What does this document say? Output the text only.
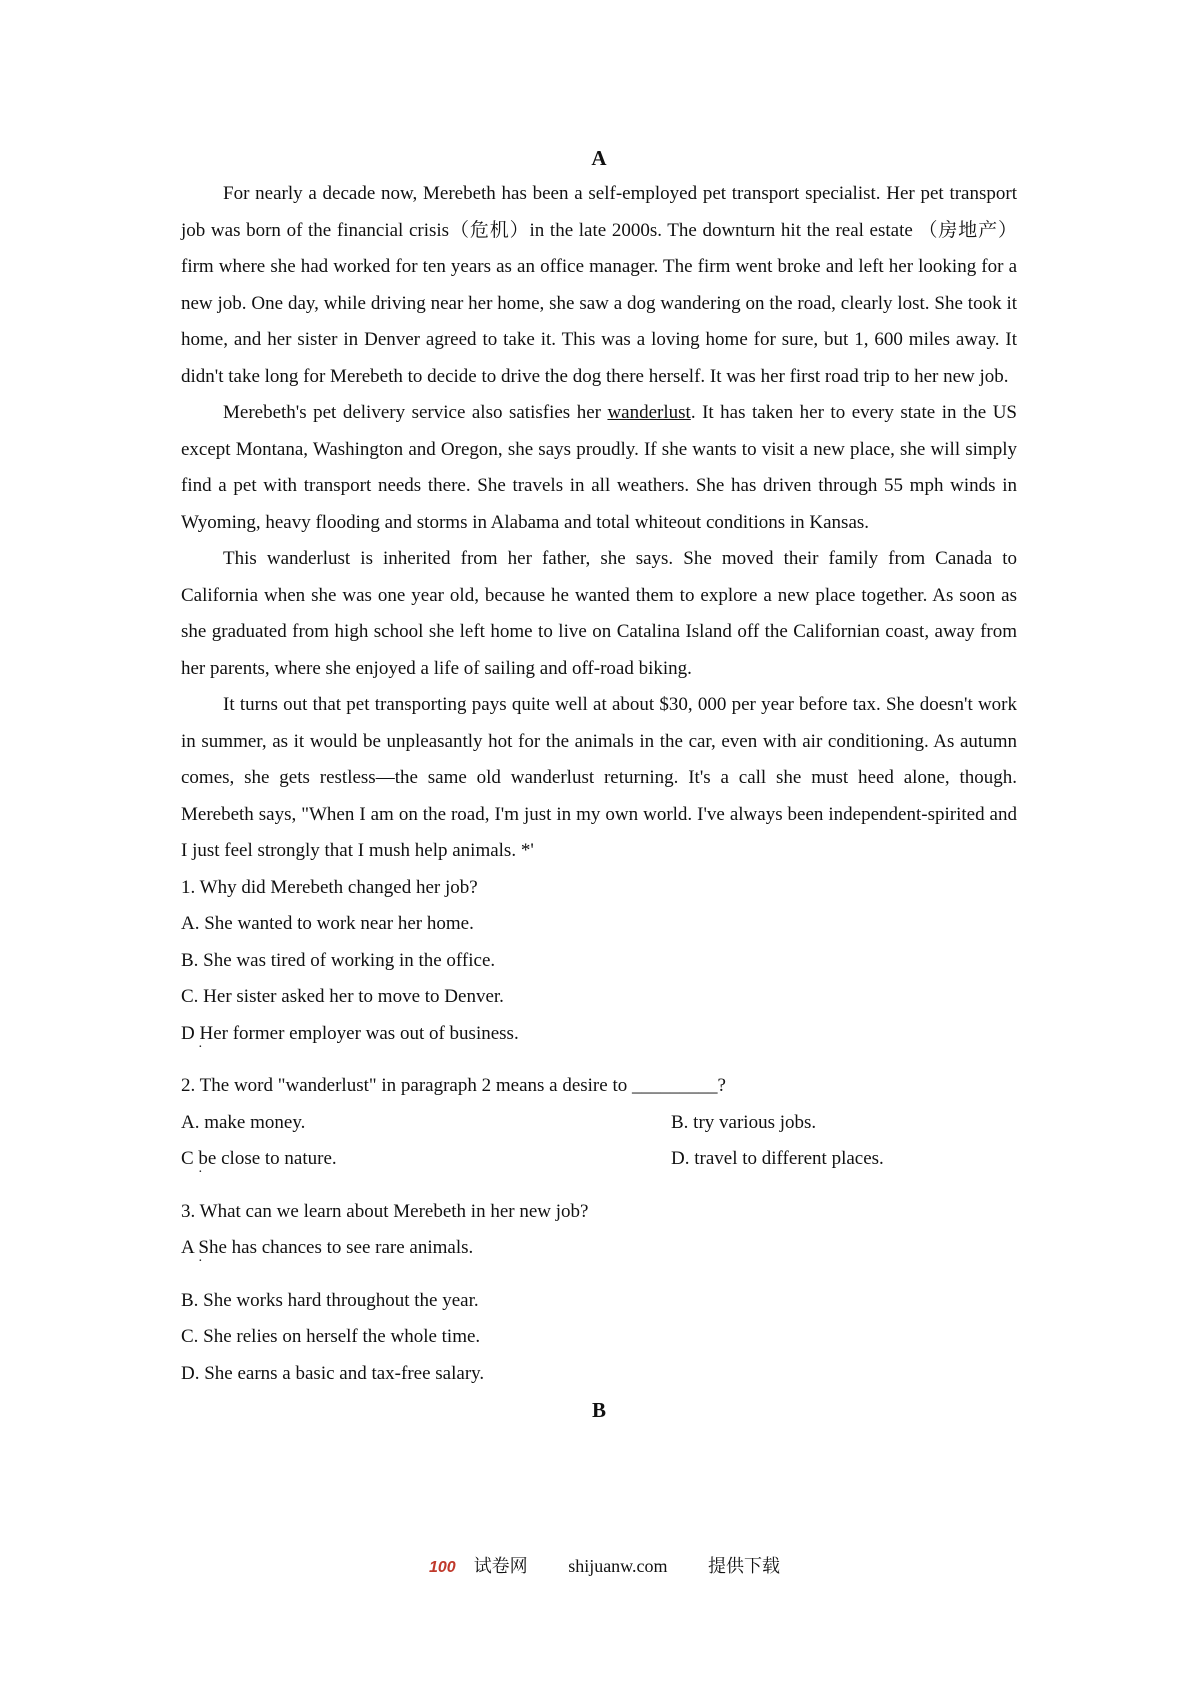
A

For nearly a decade now, Merebeth has been a self-employed pet transport specialist. Her pet transport job was born of the financial crisis（危机）in the late 2000s. The downturn hit the real estate （房地产）firm where she had worked for ten years as an office manager. The firm went broke and left her looking for a new job. One day, while driving near her home, she saw a dog wandering on the road, clearly lost. She took it home, and her sister in Denver agreed to take it. This was a loving home for sure, but 1, 600 miles away. It didn't take long for Merebeth to decide to drive the dog there herself. It was her first road trip to her new job.

Merebeth's pet delivery service also satisfies her wanderlust. It has taken her to every state in the US except Montana, Washington and Oregon, she says proudly. If she wants to visit a new place, she will simply find a pet with transport needs there. She travels in all weathers. She has driven through 55 mph winds in Wyoming, heavy flooding and storms in Alabama and total whiteout conditions in Kansas.

This wanderlust is inherited from her father, she says. She moved their family from Canada to California when she was one year old, because he wanted them to explore a new place together. As soon as she graduated from high school she left home to live on Catalina Island off the Californian coast, away from her parents, where she enjoyed a life of sailing and off-road biking.

It turns out that pet transporting pays quite well at about $30, 000 per year before tax. She doesn't work in summer, as it would be unpleasantly hot for the animals in the car, even with air conditioning. As autumn comes, she gets restless—the same old wanderlust returning. It's a call she must heed alone, though. Merebeth says, "When I am on the road, I'm just in my own world. I've always been independent-spirited and I just feel strongly that I mush help animals. *'

1. Why did Merebeth changed her job?

A. She wanted to work near her home.

B. She was tired of working in the office.

C. Her sister asked her to move to Denver.

D Her former employer was out of business.
·

2. The word "wanderlust" in paragraph 2 means a desire to _________?

A. make money.	B. try various jobs.
C be close to nature.
·
D. travel to different places.

3. What can we learn about Merebeth in her new job?

A She has chances to see rare animals.
·

B. She works hard throughout the year.

C. She relies on herself the whole time.

D. She earns a basic and tax-free salary.

B
100 试卷网 shijuanw.com 提供下载
